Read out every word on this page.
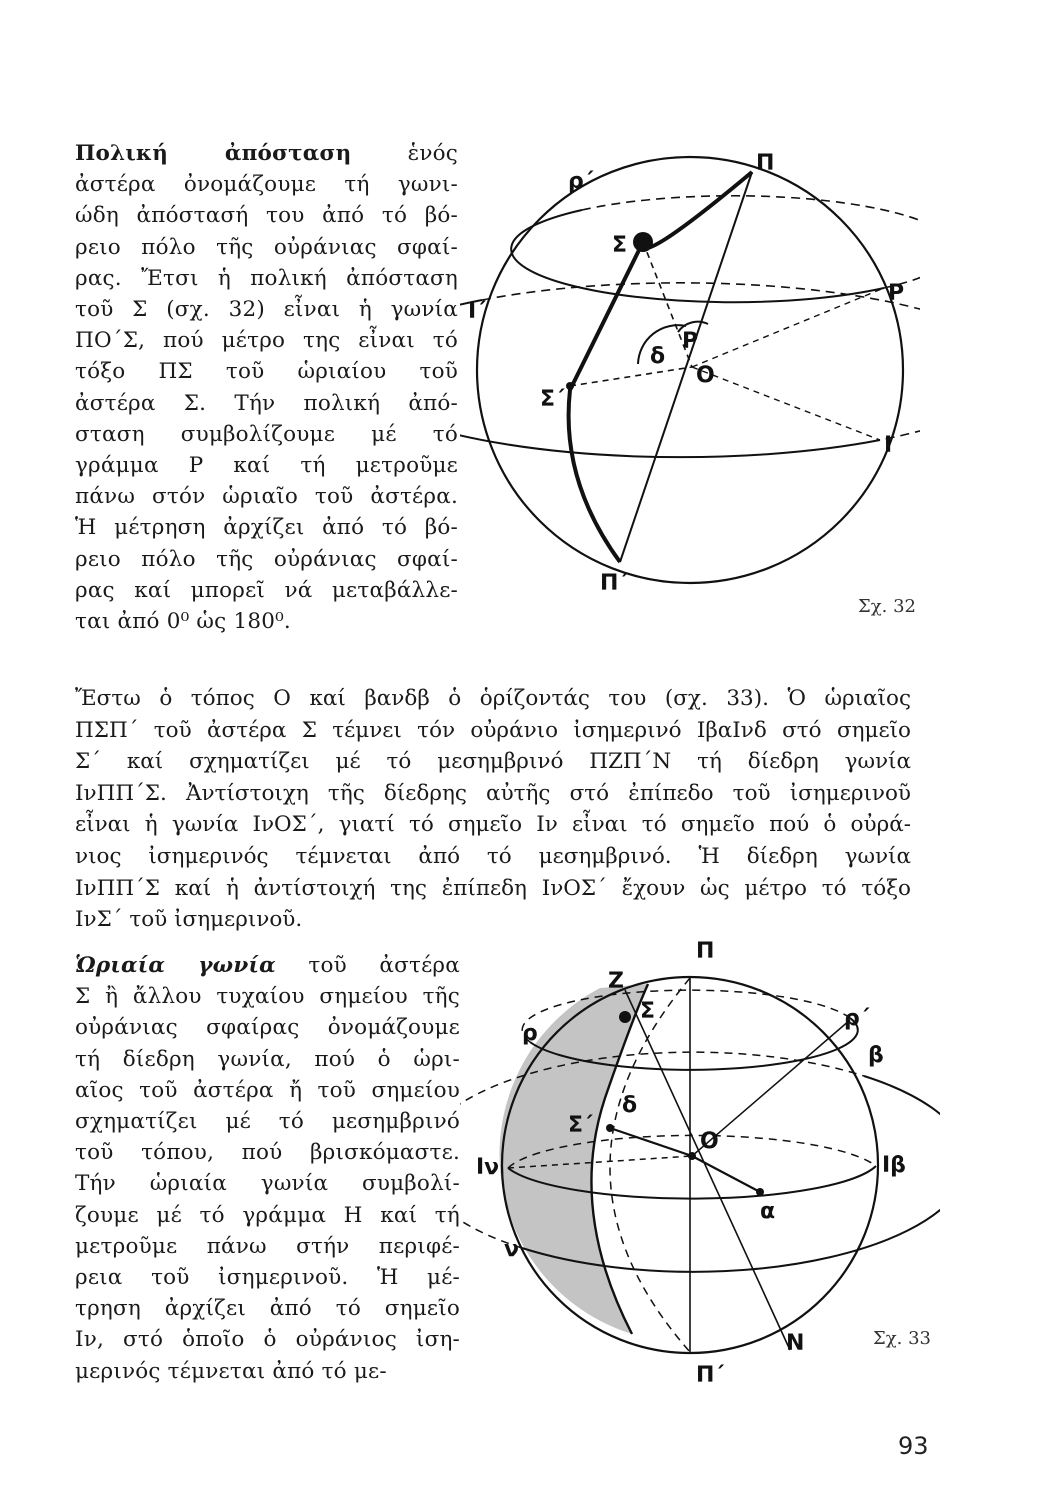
Πολική ἀπόσταση	ἑνός
ἀστέρα ὀνομάζουμε τή γωνι-
ώδη ἀπόστασή του ἀπό τό βό-
ρειο πόλο τῆς οὐράνιας σφαί-
ρας. Ἔτσι ἡ πολική ἀπόσταση
τοῦ Σ (σχ. 32) εἶναι ἡ γωνία
ΠΟ΄Σ, πού μέτρο της εἶναι τό
τόξο ΠΣ τοῦ ὡριαίου τοῦ
ἀστέρα Σ. Τήν πολική ἀπό-
σταση συμβολίζουμε μέ τό
γράμμα Ρ καί τή μετροῦμε
πάνω στόν ὡριαῖο τοῦ ἀστέρα.
Ἡ μέτρηση ἀρχίζει ἀπό τό βό-
ρειο πόλο τῆς οὐράνιας σφαί-
ρας καί μπορεῖ νά μεταβάλλε-
ται ἀπό 0⁰ ὡς 180⁰.
ρ΄
Π
Σ
Ι΄
Ρ
δ
Ρ
Ο
Σ΄
Ι
Π΄
Σχ. 32
Ἔστω ὁ τόπος Ο καί βανδβ ὁ ὁρίζοντάς του (σχ. 33). Ὁ ὡριαῖος
ΠΣΠ΄ τοῦ ἀστέρα Σ τέμνει τόν οὐράνιο ἰσημερινό ΙβαΙνδ στό σημεῖο
Σ΄ καί σχηματίζει μέ τό μεσημβρινό ΠΖΠ΄Ν τή δίεδρη γωνία
ΙνΠΠ΄Σ. Ἀντίστοιχη τῆς δίεδρης αὐτῆς στό ἐπίπεδο τοῦ ἰσημερινοῦ
εἶναι ἡ γωνία ΙνΟΣ΄, γιατί τό σημεῖο Ιν εἶναι τό σημεῖο πού ὁ οὐρά-
νιος ἰσημερινός τέμνεται ἀπό τό μεσημβρινό. Ἡ δίεδρη γωνία
ΙνΠΠ΄Σ καί ἡ ἀντίστοιχή της ἐπίπεδη ΙνΟΣ΄ ἔχουν ὡς μέτρο τό τόξο
ΙνΣ΄ τοῦ ἰσημερινοῦ.
Ὡριαία γωνία τοῦ ἀστέρα
Σ ἢ ἄλλου τυχαίου σημείου τῆς
οὐράνιας σφαίρας ὀνομάζουμε
τή δίεδρη γωνία, πού ὁ ὡρι-
αῖος τοῦ ἀστέρα ἤ τοῦ σημείου
σχηματίζει μέ τό μεσημβρινό
τοῦ τόπου, πού βρισκόμαστε.
Τήν ὡριαία γωνία συμβολί-
ζουμε μέ τό γράμμα Η καί τή
μετροῦμε πάνω στήν περιφέ-
ρεια τοῦ ἰσημερινοῦ. Ἡ μέ-
τρηση ἀρχίζει ἀπό τό σημεῖο
Ιν, στό ὁποῖο ὁ οὐράνιος ἰση-
μερινός τέμνεται ἀπό τό με-
Π
Ζ
Σ
ρ
ρ΄
β
δ
Σ΄
Ο
Ιν	Ιβ
α
ν
Ν
Π΄
Σχ. 33
93
